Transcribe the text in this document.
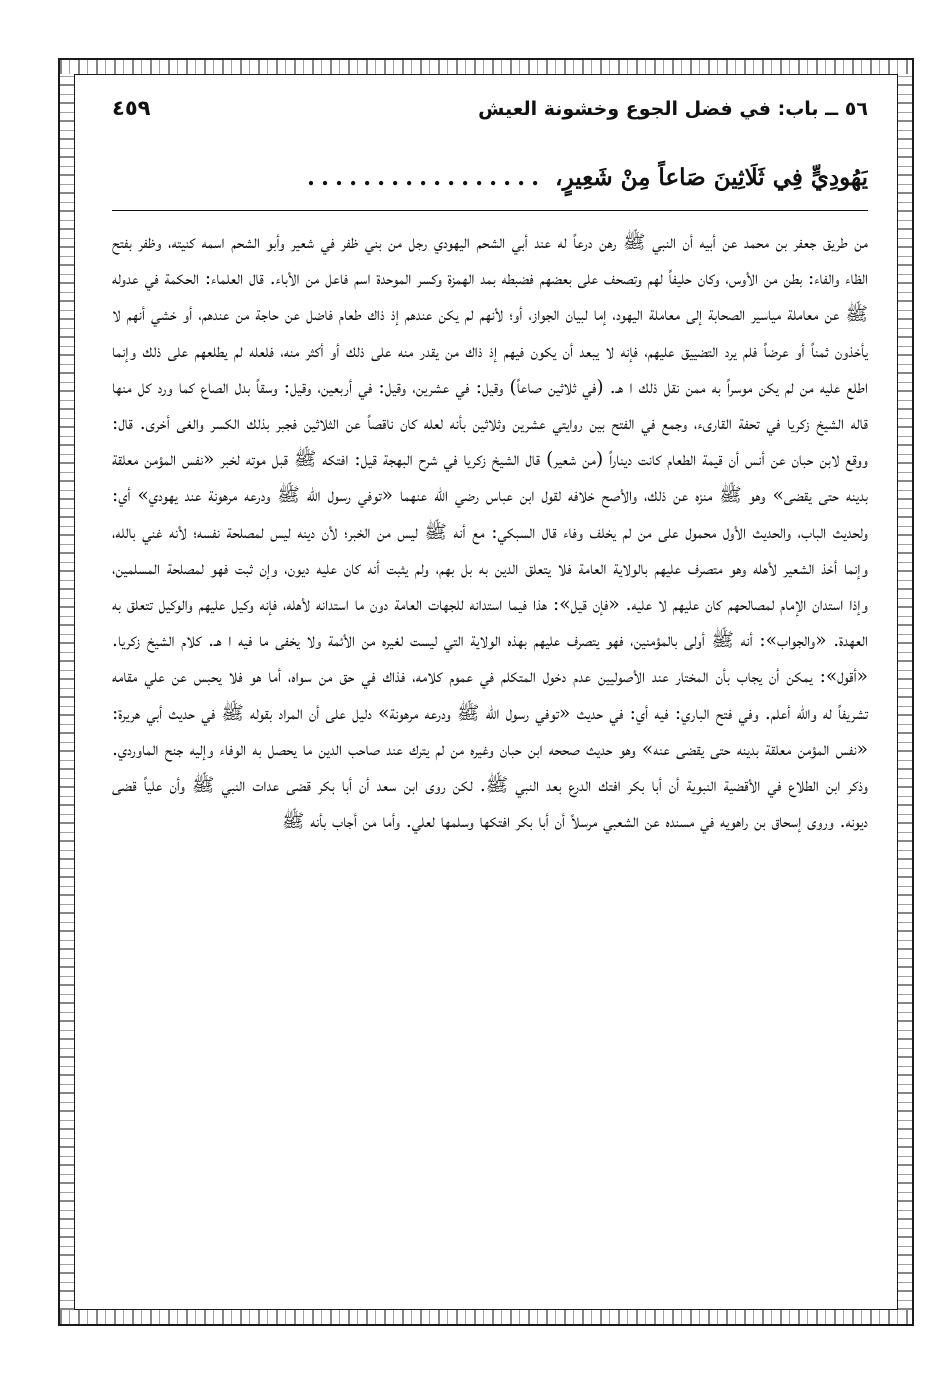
٥٦ ــ باب: في فضل الجوع وخشونة العيش
٤٥٩
يَهُودِيٍّ فِي ثَلَاثِينَ صَاعاً مِنْ شَعِيرٍ،.................

من طريق جعفر بن محمد عن أبيه أن النبي ﷺ رهن درعاً له عند أبي الشحم اليهودي رجل من بني ظفر في شعير وأبو الشحم اسمه كنيته، وظفر بفتح الظاء والفاء: بطن من الأوس، وكان حليفاً لهم وتصحف على بعضهم فضبطه بمد الهمزة وكسر الموحدة اسم فاعل من الأباء. قال العلماء: الحكمة في عدوله ﷺ عن معاملة مياسير الصحابة إلى معاملة اليهود، إما لبيان الجواز، أو؛ لأنهم لم يكن عندهم إذ ذاك طعام فاضل عن حاجة من عندهم، أو خشي أنهم لا يأخذون ثمناً أو عرضاً فلم يرد التضييق عليهم، فإنه لا يبعد أن يكون فيهم إذ ذاك من يقدر منه على ذلك أو أكثر منه، فلعله لم يطلعهم على ذلك وإنما اطلع عليه من لم يكن موسراً به ممن نقل ذلك ا هـ. (في ثلاثين صاعاً) وقيل: في عشرين، وقيل: في أربعين، وقيل: وسقاً بدل الصاع كما ورد كل منها قاله الشيخ زكريا في تحفة القارىء، وجمع في الفتح بين روايتي عشرين وثلاثين بأنه لعله كان ناقصاً عن الثلاثين فجبر بذلك الكسر والغى أخرى. قال: ووقع لابن حبان عن أنس أن قيمة الطعام كانت ديناراً (من شعير) قال الشيخ زكريا في شرح البهجة قيل: افتكه ﷺ قبل موته لخبر «نفس المؤمن معلقة بدينه حتى يقضى» وهو ﷺ منزه عن ذلك، والأصح خلافه لقول ابن عباس رضي الله عنهما «توفي رسول الله ﷺ ودرعه مرهونة عند يهودي» أي: ولحديث الباب، والحديث الأول محمول على من لم يخلف وفاء قال السبكي: مع أنه ﷺ ليس من الخبر؛ لأن دينه ليس لمصلحة نفسه؛ لأنه غني بالله، وإنما أخذ الشعير لأهله وهو متصرف عليهم بالولاية العامة فلا يتعلق الدين به بل بهم، ولم يثبت أنه كان عليه ديون، وإن ثبت فهو لمصلحة المسلمين، وإذا استدان الإمام لمصالحهم كان عليهم لا عليه. «فإن قيل»: هذا فيما استدانه للجهات العامة دون ما استدانه لأهله، فإنه وكيل عليهم والوكيل تتعلق به العهدة. «والجواب»: أنه ﷺ أولى بالمؤمنين، فهو يتصرف عليهم بهذه الولاية التي ليست لغيره من الأئمة ولا يخفى ما فيه ا هـ. كلام الشيخ زكريا. «أقول»: يمكن أن يجاب بأن المختار عند الأصوليين عدم دخول المتكلم في عموم كلامه، فذاك في حق من سواه، أما هو فلا يحبس عن علي مقامه تشريفاً له والله أعلم. وفي فتح الباري: فيه أي: في حديث «توفي رسول الله ﷺ ودرعه مرهونة» دليل على أن المراد بقوله ﷺ في حديث أبي هريرة: «نفس المؤمن معلقة بدينه حتى يقضى عنه» وهو حديث صححه ابن حبان وغيره من لم يترك عند صاحب الدين ما يحصل به الوفاء وإليه جنح الماوردي. وذكر ابن الطلاع في الأقضية النبوية أن أبا بكر افتك الدرع بعد النبي ﷺ. لكن روى ابن سعد أن أبا بكر قضى عدات النبي ﷺ وأن علياً قضى ديونه. وروى إسحاق بن راهويه في مسنده عن الشعبي مرسلاً أن أبا بكر افتكها وسلمها لعلي. وأما من أجاب بأنه ﷺ
